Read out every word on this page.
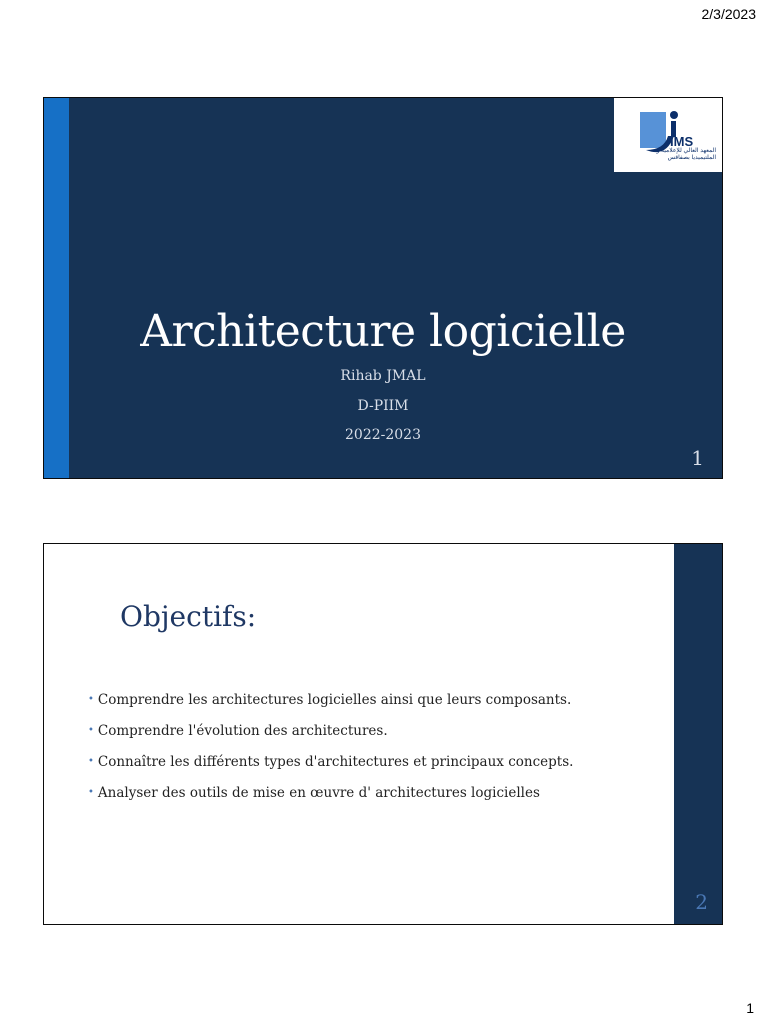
2/3/2023
IMS
المعهد العالي للإعلامية و الملتيميديا بصفاقس
Architecture logicielle
Rihab JMAL
D-PIIM
2022-2023
1
Objectifs:
• Comprendre les architectures logicielles ainsi que leurs composants.
• Comprendre l'évolution des architectures.
• Connaître les différents types d'architectures et principaux concepts.
• Analyser des outils de mise en œuvre d' architectures logicielles
2
1
